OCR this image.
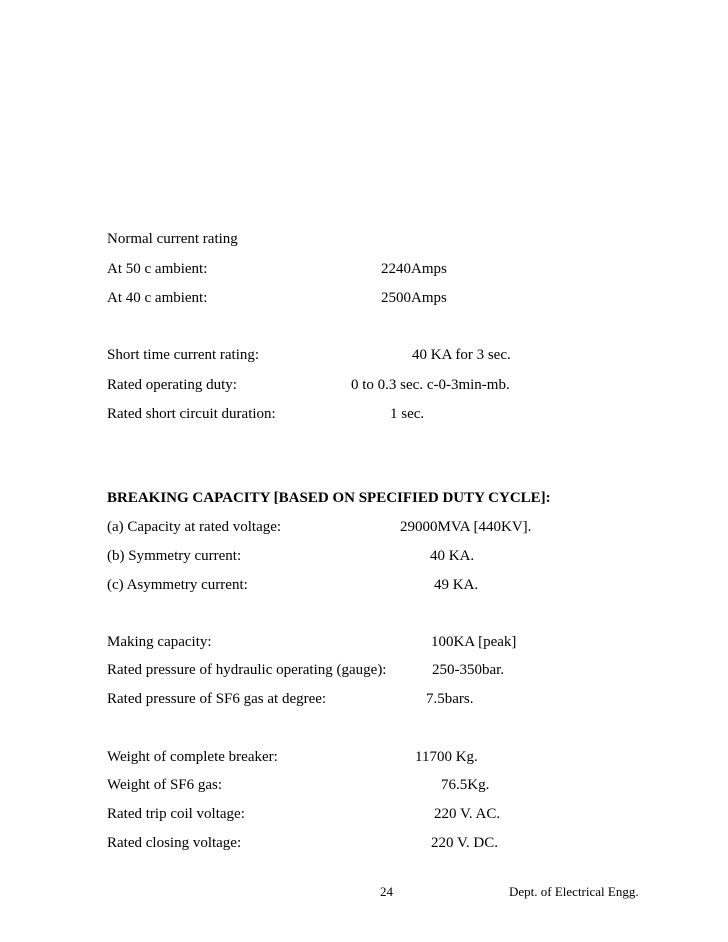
Normal current rating
At 50 c ambient:	2240Amps
At 40 c ambient:	2500Amps
Short time current rating:	40 KA for 3 sec.
Rated operating duty:	0 to 0.3 sec. c-0-3min-mb.
Rated short circuit duration:	1 sec.
BREAKING CAPACITY [BASED ON SPECIFIED DUTY CYCLE]:
(a) Capacity at rated voltage:	29000MVA [440KV].
(b) Symmetry current:	40 KA.
(c) Asymmetry current:	49 KA.
Making capacity:	100KA [peak]
Rated pressure of hydraulic operating (gauge):	250-350bar.
Rated pressure of SF6 gas at degree:	7.5bars.
Weight of complete breaker:	11700 Kg.
Weight of SF6 gas:	76.5Kg.
Rated trip coil voltage:	220 V. AC.
Rated closing voltage:	220 V. DC.
24	Dept. of Electrical Engg.
